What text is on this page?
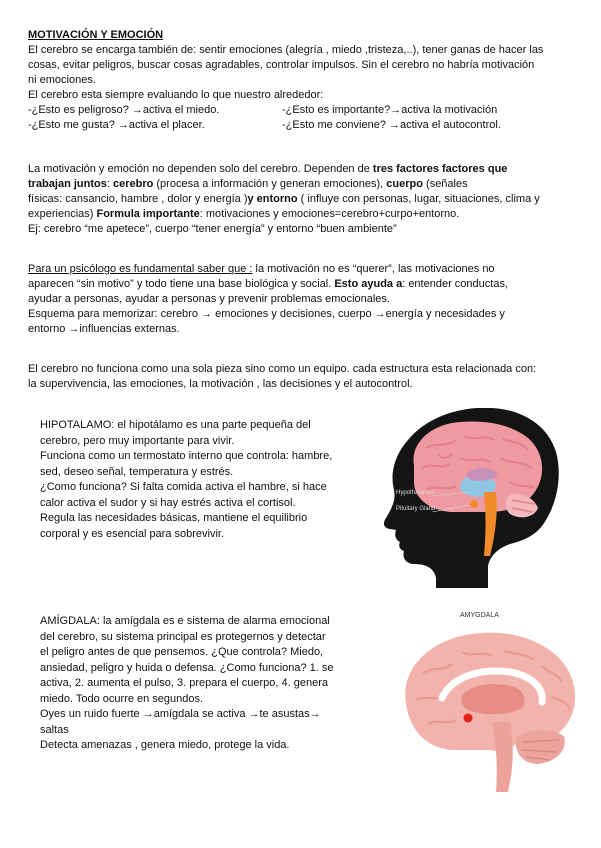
MOTIVACIÓN Y EMOCIÓN
El cerebro se encarga también de: sentir emociones (alegría , miedo ,tristeza,..), tener ganas de hacer las
cosas, evitar peligros, buscar cosas agradables, controlar impulsos. Sin el cerebro no habría motivación
ni emociones.
El cerebro esta siempre evaluando lo que nuestro alrededor:
-¿Esto es peligroso? →activa el miedo.	-¿Esto es importante?→activa la motivación
-¿Esto me gusta? →activa el placer.	-¿Esto me conviene? →activa el autocontrol.
La motivación y emoción no dependen solo del cerebro. Dependen de tres factores factores que
trabajan juntos: cerebro (procesa a información y generan emociones), cuerpo (señales
físicas: cansancio, hambre , dolor y energía )y entorno ( influye con personas, lugar, situaciones, clima y
experiencias) Formula importante: motivaciones y emociones=cerebro+curpo+entorno.
Ej: cerebro “me apetece”, cuerpo “tener energía” y entorno “buen ambiente”
Para un psicólogo es fundamental saber que : la motivación no es “querer”, las motivaciones no
aparecen “sin motivo” y todo tiene una base biológica y social. Esto ayuda a: entender conductas,
ayudar a personas, ayudar a personas y prevenir problemas emocionales.
Esquema para memorizar: cerebro → emociones y decisiones, cuerpo →energía y necesidades y
entorno →influencias externas.
El cerebro no funciona como una sola pieza sino como un equipo. cada estructura esta relacionada con:
la supervivencia, las emociones, la motivación , las decisiones y el autocontrol.
HIPOTALAMO: el hipotálamo es una parte pequeña del
cerebro, pero muy importante para vivir.
Funciona como un termostato interno que controla: hambre,
sed, deseo señal, temperatura y estrés.
¿Como funciona? Si falta comida activa el hambre, si hace
calor activa el sudor y si hay estrés activa el cortisol.
Regula las necesidades básicas, mantiene el equilibrio
corporal y es esencial para sobrevivir.
Hypothalamus
Pituitary Gland
AMÍGDALA: la amígdala es e sistema de alarma emocional
del cerebro, su sistema principal es protegernos y detectar
el peligro antes de que pensemos. ¿Que controla? Miedo,
ansiedad, peligro y huida o defensa. ¿Como funciona? 1. se
activa, 2. aumenta el pulso, 3. prepara el cuerpo, 4. genera
miedo. Todo ocurre en segundos.
Oyes un ruido fuerte →amígdala se activa →te asustas→
saltas
Detecta amenazas , genera miedo, protege la vida.
AMYGDALA
